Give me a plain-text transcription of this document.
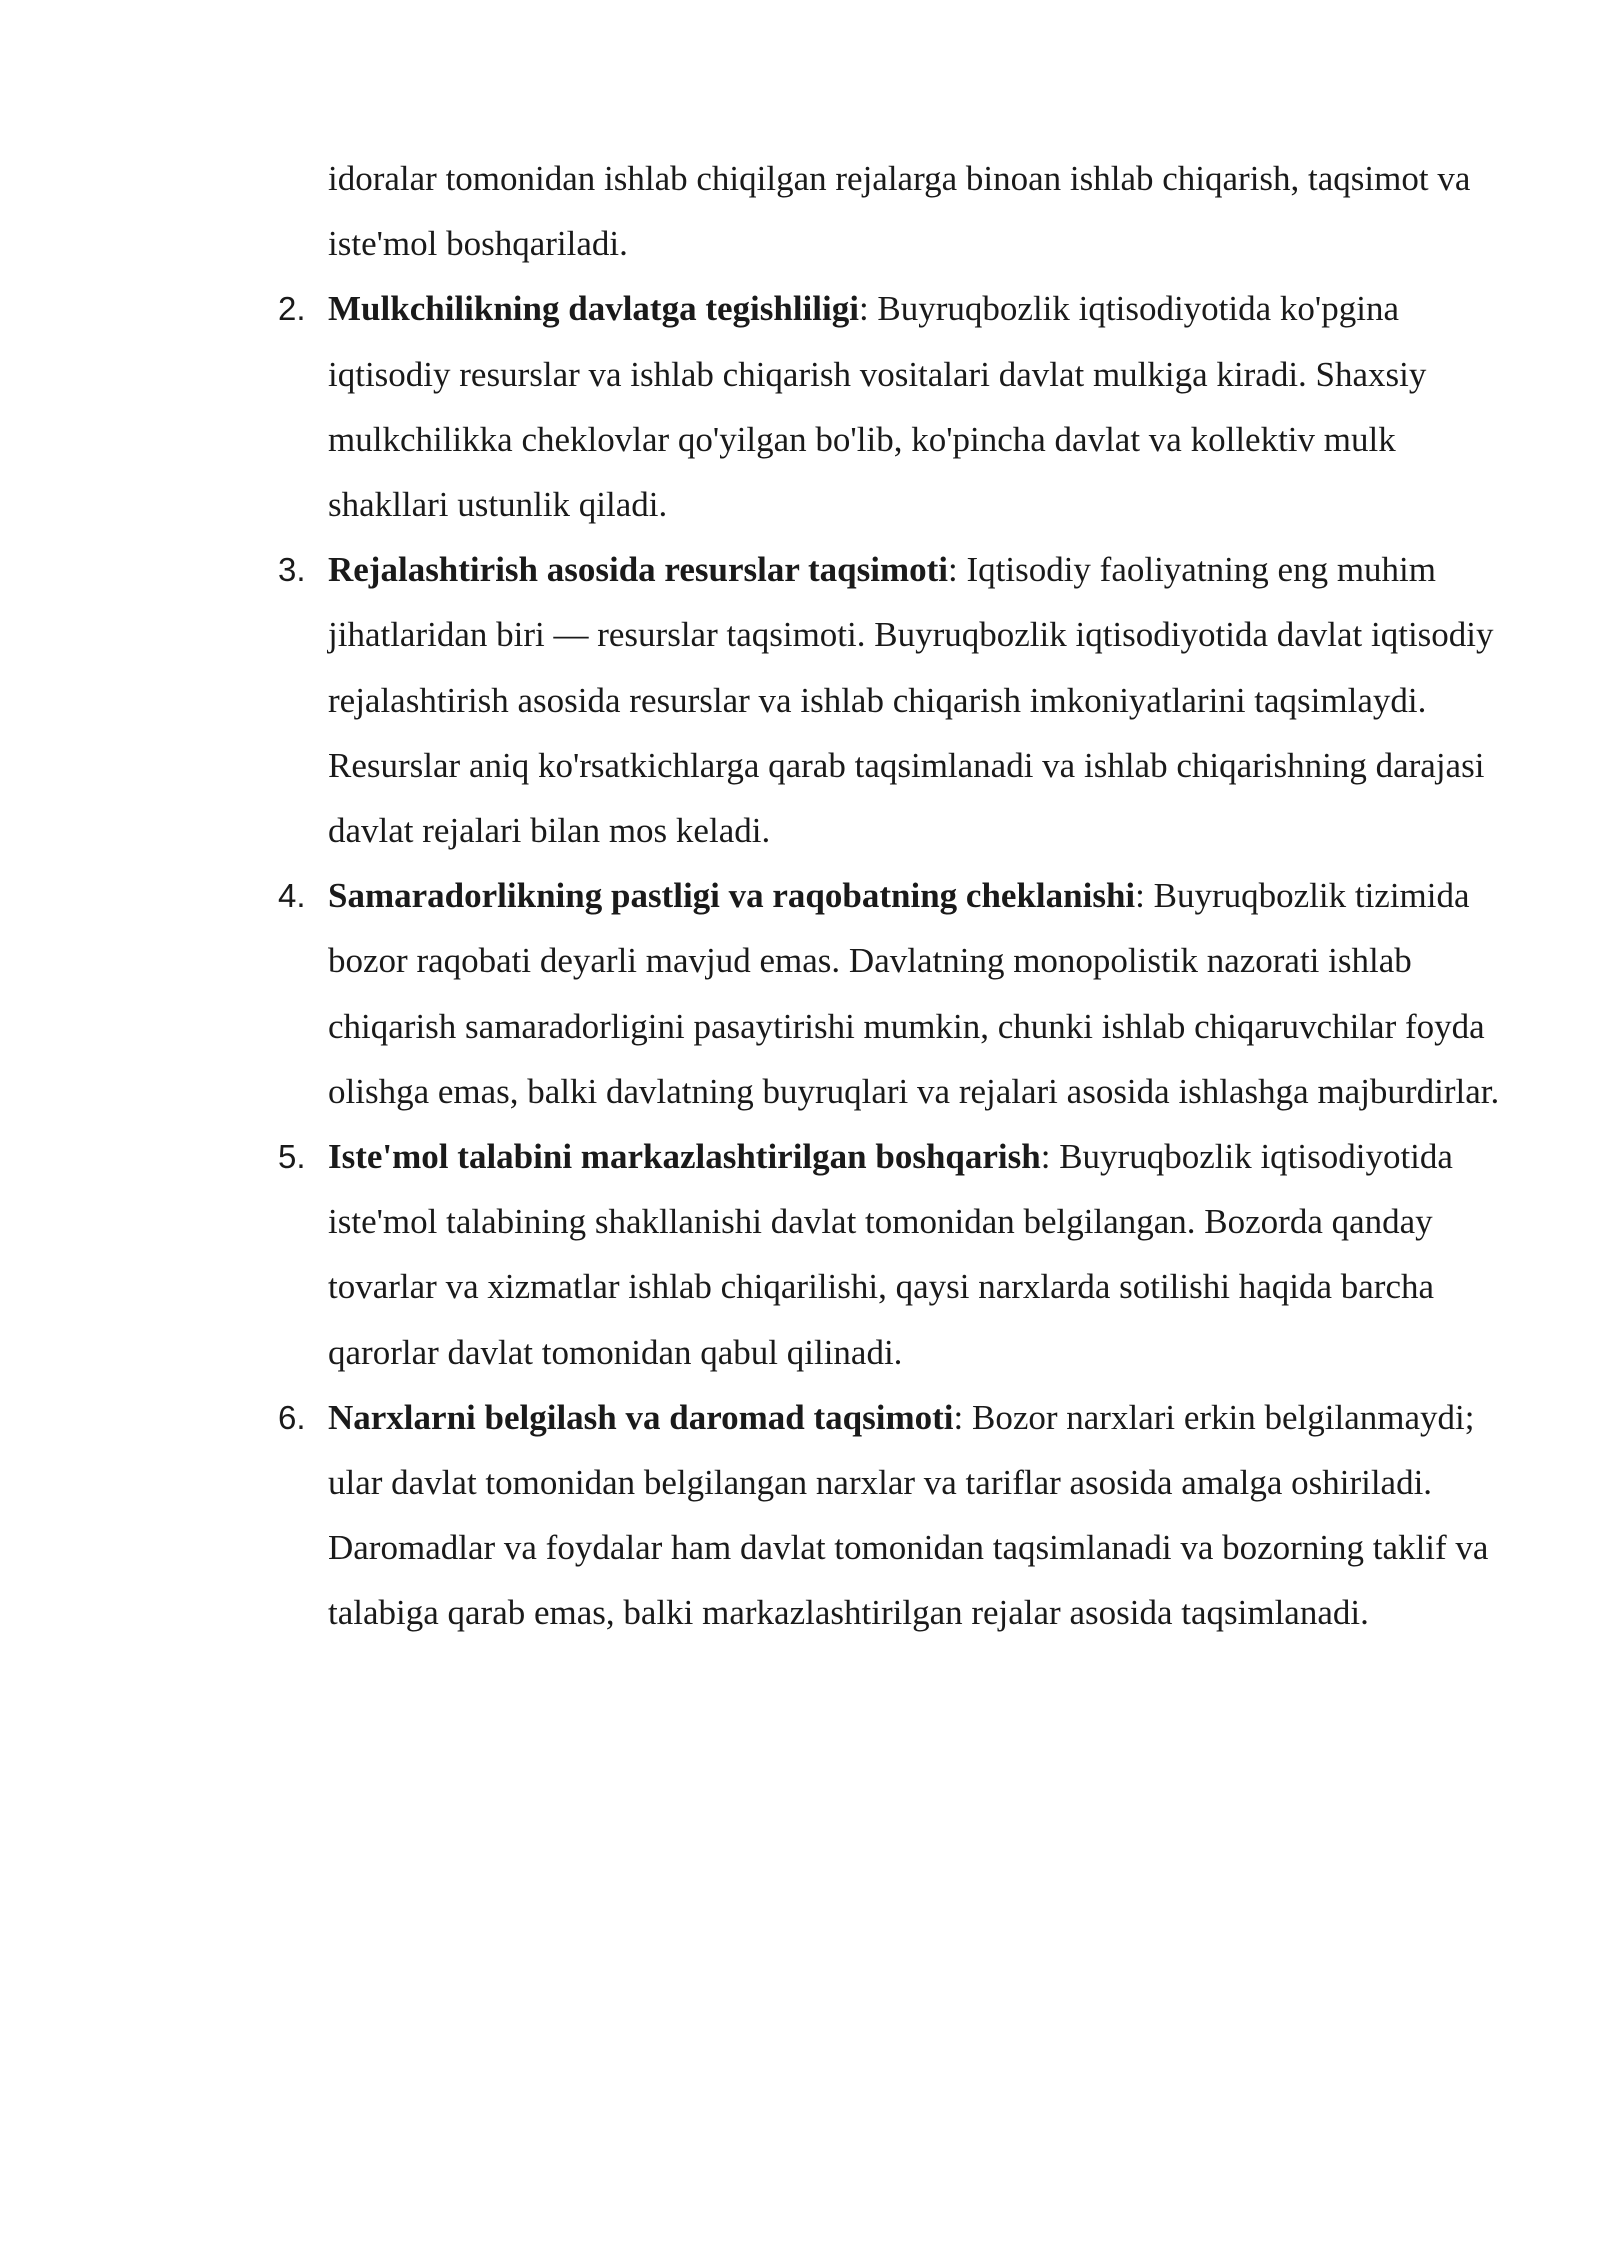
idoralar tomonidan ishlab chiqilgan rejalarga binoan ishlab chiqarish, taqsimot va iste'mol boshqariladi.

2. Mulkchilikning davlatga tegishliligi: Buyruqbozlik iqtisodiyotida ko'pgina iqtisodiy resurslar va ishlab chiqarish vositalari davlat mulkiga kiradi. Shaxsiy mulkchilikka cheklovlar qo'yilgan bo'lib, ko'pincha davlat va kollektiv mulk shakllari ustunlik qiladi.
3. Rejalashtirish asosida resurslar taqsimoti: Iqtisodiy faoliyatning eng muhim jihatlaridan biri — resurslar taqsimoti. Buyruqbozlik iqtisodiyotida davlat iqtisodiy rejalashtirish asosida resurslar va ishlab chiqarish imkoniyatlarini taqsimlaydi. Resurslar aniq ko'rsatkichlarga qarab taqsimlanadi va ishlab chiqarishning darajasi davlat rejalari bilan mos keladi.
4. Samaradorlikning pastligi va raqobatning cheklanishi: Buyruqbozlik tizimida bozor raqobati deyarli mavjud emas. Davlatning monopolistik nazorati ishlab chiqarish samaradorligini pasaytirishi mumkin, chunki ishlab chiqaruvchilar foyda olishga emas, balki davlatning buyruqlari va rejalari asosida ishlashga majburdirlar.
5. Iste'mol talabini markazlashtirilgan boshqarish: Buyruqbozlik iqtisodiyotida iste'mol talabining shakllanishi davlat tomonidan belgilangan. Bozorda qanday tovarlar va xizmatlar ishlab chiqarilishi, qaysi narxlarda sotilishi haqida barcha qarorlar davlat tomonidan qabul qilinadi.
6. Narxlarni belgilash va daromad taqsimoti: Bozor narxlari erkin belgilanmaydi; ular davlat tomonidan belgilangan narxlar va tariflar asosida amalga oshiriladi. Daromadlar va foydalar ham davlat tomonidan taqsimlanadi va bozorning taklif va talabiga qarab emas, balki markazlashtirilgan rejalar asosida taqsimlanadi.
